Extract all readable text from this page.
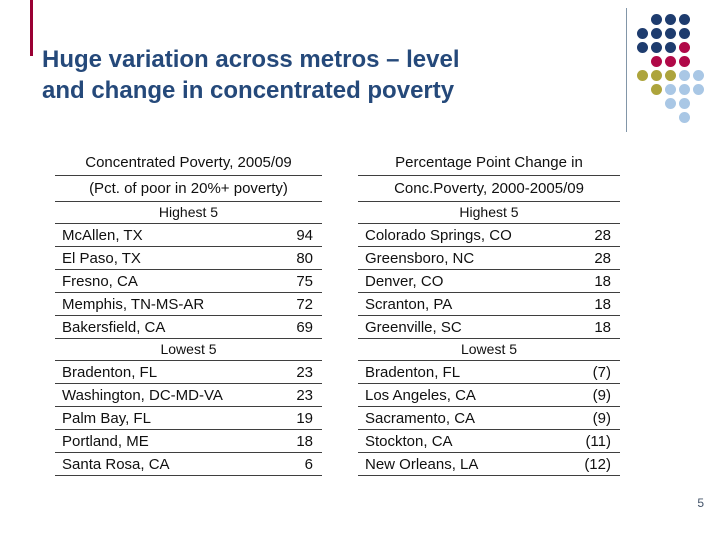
Huge variation across metros – level
and change in concentrated poverty
Concentrated Poverty, 2005/09
(Pct. of poor in 20%+ poverty)
Highest 5
McAllen, TX	94
El Paso, TX	80
Fresno, CA	75
Memphis, TN-MS-AR	72
Bakersfield, CA	69
Lowest 5
Bradenton, FL	23
Washington, DC-MD-VA	23
Palm Bay, FL	19
Portland, ME	18
Santa Rosa, CA	6
Percentage Point Change in
Conc.Poverty, 2000-2005/09
Highest 5
Colorado Springs, CO	28
Greensboro, NC	28
Denver, CO	18
Scranton, PA	18
Greenville, SC	18
Lowest 5
Bradenton, FL	(7)
Los Angeles, CA	(9)
Sacramento, CA	(9)
Stockton, CA	(11)
New Orleans, LA	(12)
5
